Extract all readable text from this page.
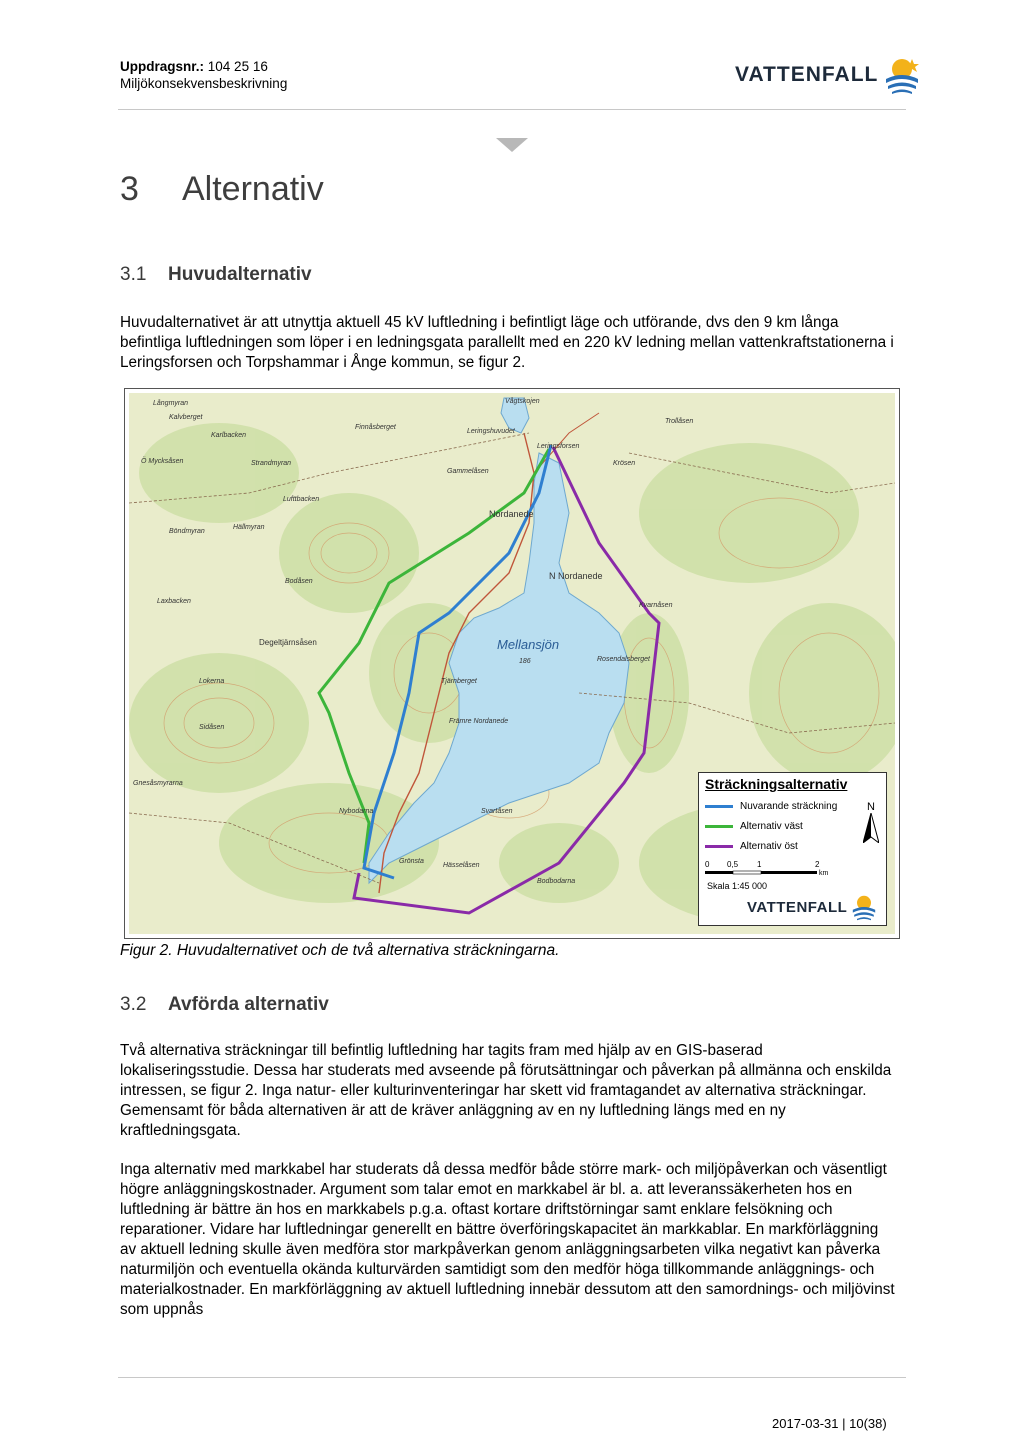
Uppdragsnr.: 104 25 16
Miljökonsekvensbeskrivning	VATTENFALL
3 Alternativ
3.1 Huvudalternativ
Huvudalternativet är att utnyttja aktuell 45 kV luftledning i befintligt läge och utförande, dvs den 9 km långa befintliga luftledningen som löper i en ledningsgata parallellt med en 220 kV ledning mellan vattenkraftstationerna i Leringsforsen och Torpshammar i Ånge kommun, se figur 2.
Långmyran
Kalvberget
Karlbacken
Ö Mycksåsen	Strandmyran
Finnåsberget
Leringshuvudet
Leringsforsen
Vågtskojen
Trollåsen
Gammelåsen
Krösen
Nordanede
N Nordanede
Kvarnåsen
Mellansjön
186	Rosendalsberget
Degeltjärnsåsen
Tjärnberget
Främre Nordanede
Svartåsen
Nybodarna
Grönsta
Hässelåsen
Bodbodarna
Sidåsen
Lokerna
Gnesåsmyrarna
Böndmyran
Bodåsen
Hällmyran
Lufttbacken
Laxbacken
Sträckningsalternativ
Nuvarande sträckning
Alternativ väst
Alternativ öst
N
0 0,5 1	2
km
Skala 1:45 000
VATTENFALL
Figur 2. Huvudalternativet och de två alternativa sträckningarna.
3.2 Avförda alternativ
Två alternativa sträckningar till befintlig luftledning har tagits fram med hjälp av en GIS-baserad lokaliseringsstudie. Dessa har studerats med avseende på förutsättningar och påverkan på allmänna och enskilda intressen, se figur 2. Inga natur- eller kulturinventeringar har skett vid framtagandet av alternativa sträckningar. Gemensamt för båda alternativen är att de kräver anläggning av en ny luftledning längs med en ny kraftledningsgata.
Inga alternativ med markkabel har studerats då dessa medför både större mark- och miljöpåverkan och väsentligt högre anläggningskostnader. Argument som talar emot en markkabel är bl. a. att leveranssäkerheten hos en luftledning är bättre än hos en markkabels p.g.a. oftast kortare driftstörningar samt enklare felsökning och reparationer. Vidare har luftledningar generellt en bättre överföringskapacitet än markkablar. En markförläggning av aktuell ledning skulle även medföra stor markpåverkan genom anläggningsarbeten vilka negativt kan påverka naturmiljön och eventuella okända kulturvärden samtidigt som den medför höga tillkommande anläggnings- och materialkostnader. En markförläggning av aktuell luftledning innebär dessutom att den samordnings- och miljövinst som uppnås
2017-03-31 | 10(38)
